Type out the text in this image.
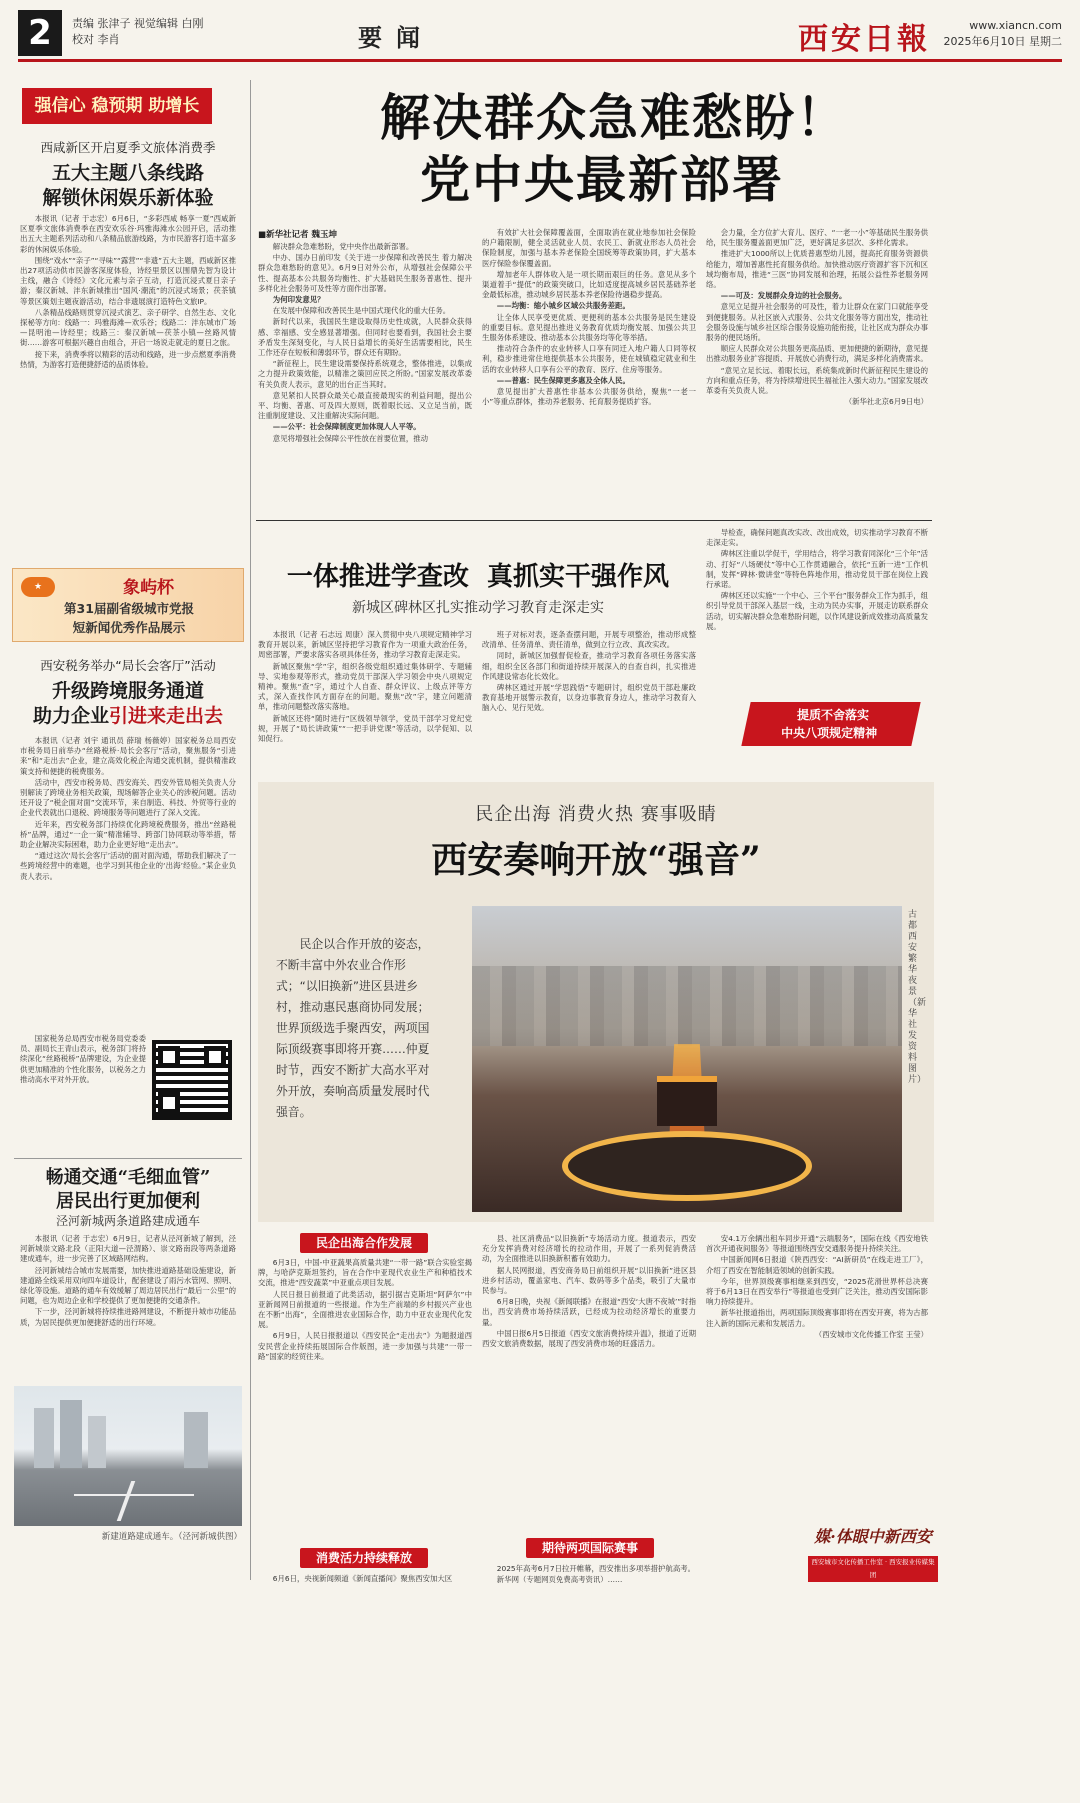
2	责编 张津子 视觉编辑 白刚
校对 李肖	要闻	西安日報	www.xiancn.com
2025年6月10日 星期二
强信心 稳预期 助增长
西咸新区开启夏季文旅体消费季
五大主题八条线路
解锁休闲娱乐新体验

本报讯（记者 于志宏）6月6日，“多彩西咸 畅享一夏”西咸新区夏季文旅体消费季在西安欢乐谷·玛雅海滩水公园开启，活动推出五大主题系列活动和八条精品旅游线路，为市民游客打造丰富多彩的休闲娱乐体验。

围绕“戏水”“亲子”“寻味”“露营”“非遗”五大主题，西咸新区推出27项活动供市民游客深度体验，诗经里景区以围鼎先智为设计主线，融合《诗经》文化元素与亲子互动，打造沉浸式夏日亲子游；秦汉新城、沣东新城推出“国风·潮流”的沉浸式场景；茯茶镇等景区策划主题夜游活动，结合非遗展演打造特色文旅IP。

八条精品线路则贯穿沉浸式演艺、亲子研学、自然生态、文化探秘等方向：线路一：玛雅海滩—欢乐谷；线路二：沣东城市广场—昆明池—诗经里；线路三：秦汉新城—茯茶小镇—丝路风情街……游客可根据兴趣自由组合，开启一场说走就走的夏日之旅。

接下来，消费季将以精彩的活动和线路，进一步点燃夏季消费热情，为游客打造便捷舒适的品质体验。

★	象屿杯
第31届副省级城市党报
短新闻优秀作品展示
西安税务举办“局长会客厅”活动
升级跨境服务通道
助力企业引进来走出去

本报讯（记者 刘宇 通讯员 薛瑞 杨薇婷）国家税务总局西安市税务局日前举办“丝路税桥·局长会客厅”活动，聚焦服务“引进来”和“走出去”企业，建立高效化税企沟通交流机制，提供精准政策支持和便捷的税费服务。

活动中，西安市税务局、西安海关、西安外管局相关负责人分别解读了跨境业务相关政策，现场解答企业关心的涉税问题。活动还开设了“税企面对面”交流环节，来自制造、科技、外贸等行业的企业代表就出口退税、跨境服务等问题进行了深入交流。

近年来，西安税务部门持续优化跨境税费服务，推出“丝路税桥”品牌，通过“一企一策”精准辅导、跨部门协同联动等举措，帮助企业解决实际困难，助力企业更好地“走出去”。

“通过这次‘局长会客厅’活动的面对面沟通，帮助我们解决了一些跨境经营中的难题，也学习到其他企业的‘出海’经验。”某企业负责人表示。

国家税务总局西安市税务局党委委员、副局长王青山表示，税务部门将持续深化“丝路税桥”品牌建设，为企业提供更加精准的个性化服务，以税务之力推动高水平对外开放。

畅通交通“毛细血管”
居民出行更加便利
泾河新城两条道路建成通车

本报讯（记者 于志宏）6月9日，记者从泾河新城了解到，泾河新城崇文路北段（正阳大道—泾渭路）、崇文路南段等两条道路建成通车，进一步完善了区域路网结构。

泾河新城结合城市发展需要，加快推进道路基础设施建设，新建道路全线采用双向四车道设计，配套建设了雨污水管网、照明、绿化等设施。道路的通车有效缓解了周边居民出行“最后一公里”的问题，也为周边企业和学校提供了更加便捷的交通条件。

下一步，泾河新城将持续推进路网建设，不断提升城市功能品质，为居民提供更加便捷舒适的出行环境。

新建道路建成通车。（泾河新城供图）
解决群众急难愁盼！
党中央最新部署
■新华社记者 魏玉坤

解决群众急难愁盼，党中央作出最新部署。

中办、国办日前印发《关于进一步保障和改善民生 着力解决群众急难愁盼的意见》。6月9日对外公布，从增强社会保障公平性、提高基本公共服务均衡性、扩大基础民生服务普惠性、提升多样化社会服务可及性等方面作出部署。

为何印发意见？

在发展中保障和改善民生是中国式现代化的重大任务。

新时代以来，我国民生建设取得历史性成就，人民群众获得感、幸福感、安全感显著增强。但同时也要看到，我国社会主要矛盾发生深刻变化，与人民日益增长的美好生活需要相比，民生工作还存在短板和薄弱环节，群众还有期盼。

“新征程上，民生建设需要保持系统观念，整体推进，以集成之力提升政策效能，以精准之策回应民之所盼。”国家发展改革委有关负责人表示，意见的出台正当其时。

意见紧扣人民群众最关心最直接最现实的利益问题，提出公平、均衡、普惠、可及四大原则，既着眼长远、又立足当前，既注重制度建设、又注重解决实际问题。

——公平：社会保障制度更加体现人人平等。

意见将增强社会保障公平性放在首要位置，推动

有效扩大社会保障覆盖面，全面取消在就业地参加社会保险的户籍限制，健全灵活就业人员、农民工、新就业形态人员社会保险制度，加强与基本养老保险全国统筹等政策协同，扩大基本医疗保险参保覆盖面。

增加老年人群体收入是一项长期而艰巨的任务。意见从多个渠道着手“提低”的政策突破口，比如适度提高城乡居民基础养老金最低标准，推动城乡居民基本养老保险待遇稳步提高。

——均衡：缩小城乡区域公共服务差距。

让全体人民享受更优质、更便利的基本公共服务是民生建设的重要目标。意见提出推进义务教育优质均衡发展、加强公共卫生服务体系建设、推动基本公共服务均等化等举措。

推动符合条件的农业转移人口享有同迁入地户籍人口同等权利，稳步推进常住地提供基本公共服务，使在城镇稳定就业和生活的农业转移人口享有公平的教育、医疗、住房等服务。

——普惠：民生保障更多惠及全体人民。

意见提出扩大普惠性非基本公共服务供给，聚焦“一老一小”等重点群体，推动养老服务、托育服务提质扩容。

会力量，全方位扩大育儿、医疗、“一老一小”等基础民生服务供给，民生服务覆盖面更加广泛，更好满足多层次、多样化需求。

推进扩大1000所以上优质普惠型幼儿园，提高托育服务资源供给能力，增加普惠性托育服务供给。加快推动医疗资源扩容下沉和区域均衡布局，推进“三医”协同发展和治理，拓展公益性养老服务网络。

——可及：发展群众身边的社会服务。

意见立足提升社会服务的可及性，着力让群众在家门口就能享受到便捷服务。从社区嵌入式服务、公共文化服务等方面出发，推动社会服务设施与城乡社区综合服务设施功能衔接，让社区成为群众办事服务的便民场所。

顺应人民群众对公共服务更高品质、更加便捷的新期待，意见提出推动服务业扩容提质、开展放心消费行动，满足多样化消费需求。

“意见立足长远、着眼长远，系统集成新时代新征程民生建设的方向和重点任务，将为持续增进民生福祉注入强大动力。”国家发展改革委有关负责人说。

（新华社北京6月9日电）

一体推进学查改 真抓实干强作风
新城区碑林区扎实推动学习教育走深走实

本报讯（记者 石志远 周康）深入贯彻中央八项规定精神学习教育开展以来，新城区坚持把学习教育作为一项重大政治任务，周密部署，严要求落实各项具体任务，推动学习教育走深走实。

新城区聚焦“学”字，组织各级党组织通过集体研学、专题辅导、实地参观等形式，推动党员干部深入学习领会中央八项规定精神。聚焦“查”字，通过个人自查、群众评议、上级点评等方式，深入查找作风方面存在的问题。聚焦“改”字，建立问题清单，推动问题整改落实落地。

新城区还将“随时进行”区级领导领学，党员干部学习党纪党规，开展了“局长讲政策”“一把手讲党课”等活动，以学促知、以知促行。

班子对标对表，逐条查摆问题，开展专项整治，推动形成整改清单、任务清单、责任清单，做到立行立改、真改实改。

同时，新城区加强督促检查，推动学习教育各项任务落实落细，组织全区各部门和街道持续开展深入的自查自纠，扎实推进作风建设常态化长效化。

碑林区通过开展“学思践悟”专题研讨，组织党员干部赴廉政教育基地开展警示教育，以身边事教育身边人，推动学习教育入脑入心、见行见效。

导检查，确保问题真改实改、改出成效，切实推动学习教育不断走深走实。

碑林区注重以学促干，学用结合，将学习教育同深化“三个年”活动、打好“八场硬仗”等中心工作贯通融合，依托“五新一进”工作机制，发挥“碑林·微讲堂”等特色阵地作用，推动党员干部在岗位上践行承诺。

碑林区还以实施“一个中心、三个平台”服务群众工作为抓手，组织引导党员干部深入基层一线，主动为民办实事，开展走访联系群众活动，切实解决群众急难愁盼问题，以作风建设新成效推动高质量发展。

提质不舍落实
中央八项规定精神
民企出海 消费火热 赛事吸睛
西安奏响开放“强音”
民企以合作开放的姿态，不断丰富中外农业合作形式；“以旧换新”进区县进乡村，推动惠民惠商协同发展；世界顶级选手聚西安，两项国际顶级赛事即将开赛……仲夏时节，西安不断扩大高水平对外开放，奏响高质量发展时代强音。
古都西安 繁华夜景（新华社发资料图片）
民企出海合作发展

6月3日，中国-中亚蔬果高质量共建“一带一路”联合实验室揭牌，与哈萨克斯坦签约，旨在合作中亚现代农业生产和种植技术交流，推进“西安蔬菜”中亚重点项目发展。

人民日报日前报道了此类活动，据引据吉克斯坦“阿萨尔”中亚新闻网日前报道的一些报道。作为生产前端的乡村振兴产业也在不断“出海”，全面推进农业国际合作，助力中亚农业现代化发展。

6月9日，人民日报报道以《西安民企“走出去”》为题报道西安民营企业持续拓展国际合作版图，进一步加强与共建“一带一路”国家的经贸往来。

消费活力持续释放

6月6日，央视新闻频道《新闻直播间》聚焦西安加大区

县、社区消费品“以旧换新”专场活动力度。报道表示，西安充分发挥消费对经济增长的拉动作用，开展了一系列促消费活动，为全面推进以旧换新积蓄有效助力。

据人民网报道，西安商务局日前组织开展“以旧换新”进区县进乡村活动，覆盖家电、汽车、数码等多个品类，吸引了大量市民参与。

6月8日晚，央视《新闻联播》在报道“西安‘大唐不夜城’”时指出，西安消费市场持续活跃，已经成为拉动经济增长的重要力量。

中国日报6月5日报道《西安文旅消费持续升温》，报道了近期西安文旅消费数据，展现了西安消费市场的旺盛活力。

期待两项国际赛事

2025年高考6月7日拉开帷幕，西安推出多项举措护航高考。

新华网（专题网页免费高考资讯）……

安4.1万余辆出租车同步开通“云端服务”，国际在线《西安地铁首次开通夜间服务》等报道围绕西安交通服务提升持续关注。

中国新闻网6日报道《陕西西安：“AI新研员”在线走进工厂》，介绍了西安在智能制造领域的创新实践。

今年，世界顶级赛事相继来到西安，“2025花滑世界杯总决赛将于6月13日在西安举行”等报道也受到广泛关注，推动西安国际影响力持续提升。

新华社报道指出，两项国际顶级赛事即将在西安开赛，将为古都注入新的国际元素和发展活力。

（西安城市文化传播工作室 王莹）

媒·体眼中新西安
西安城市文化传播工作室 · 西安报业传媒集团
